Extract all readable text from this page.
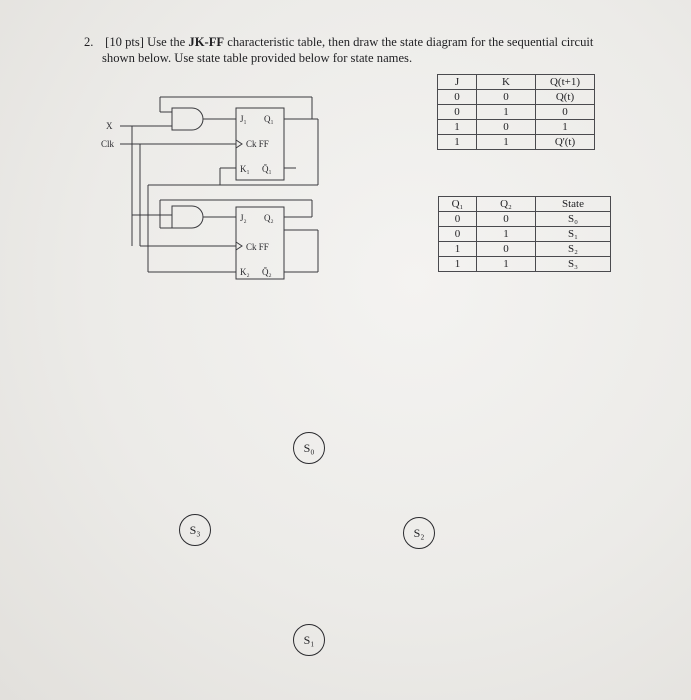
2. [10 pts] Use the JK-FF characteristic table, then draw the state diagram for the sequential circuit
shown below. Use state table provided below for state names.
X
Clk
J₁ Q₁
Ck FF
K₁ Q̄₁
J₂ Q₂
Ck FF
K₂ Q̄₂
J	K	Q(t+1)
0	0	Q(t)
0	1	0
1	0	1
1	1	Q'(t)
Q₁	Q₂	State
0	0	S₀
0	1	S₁
1	0	S₂
1	1	S₃
S₀
S₃	S₂
S₁
